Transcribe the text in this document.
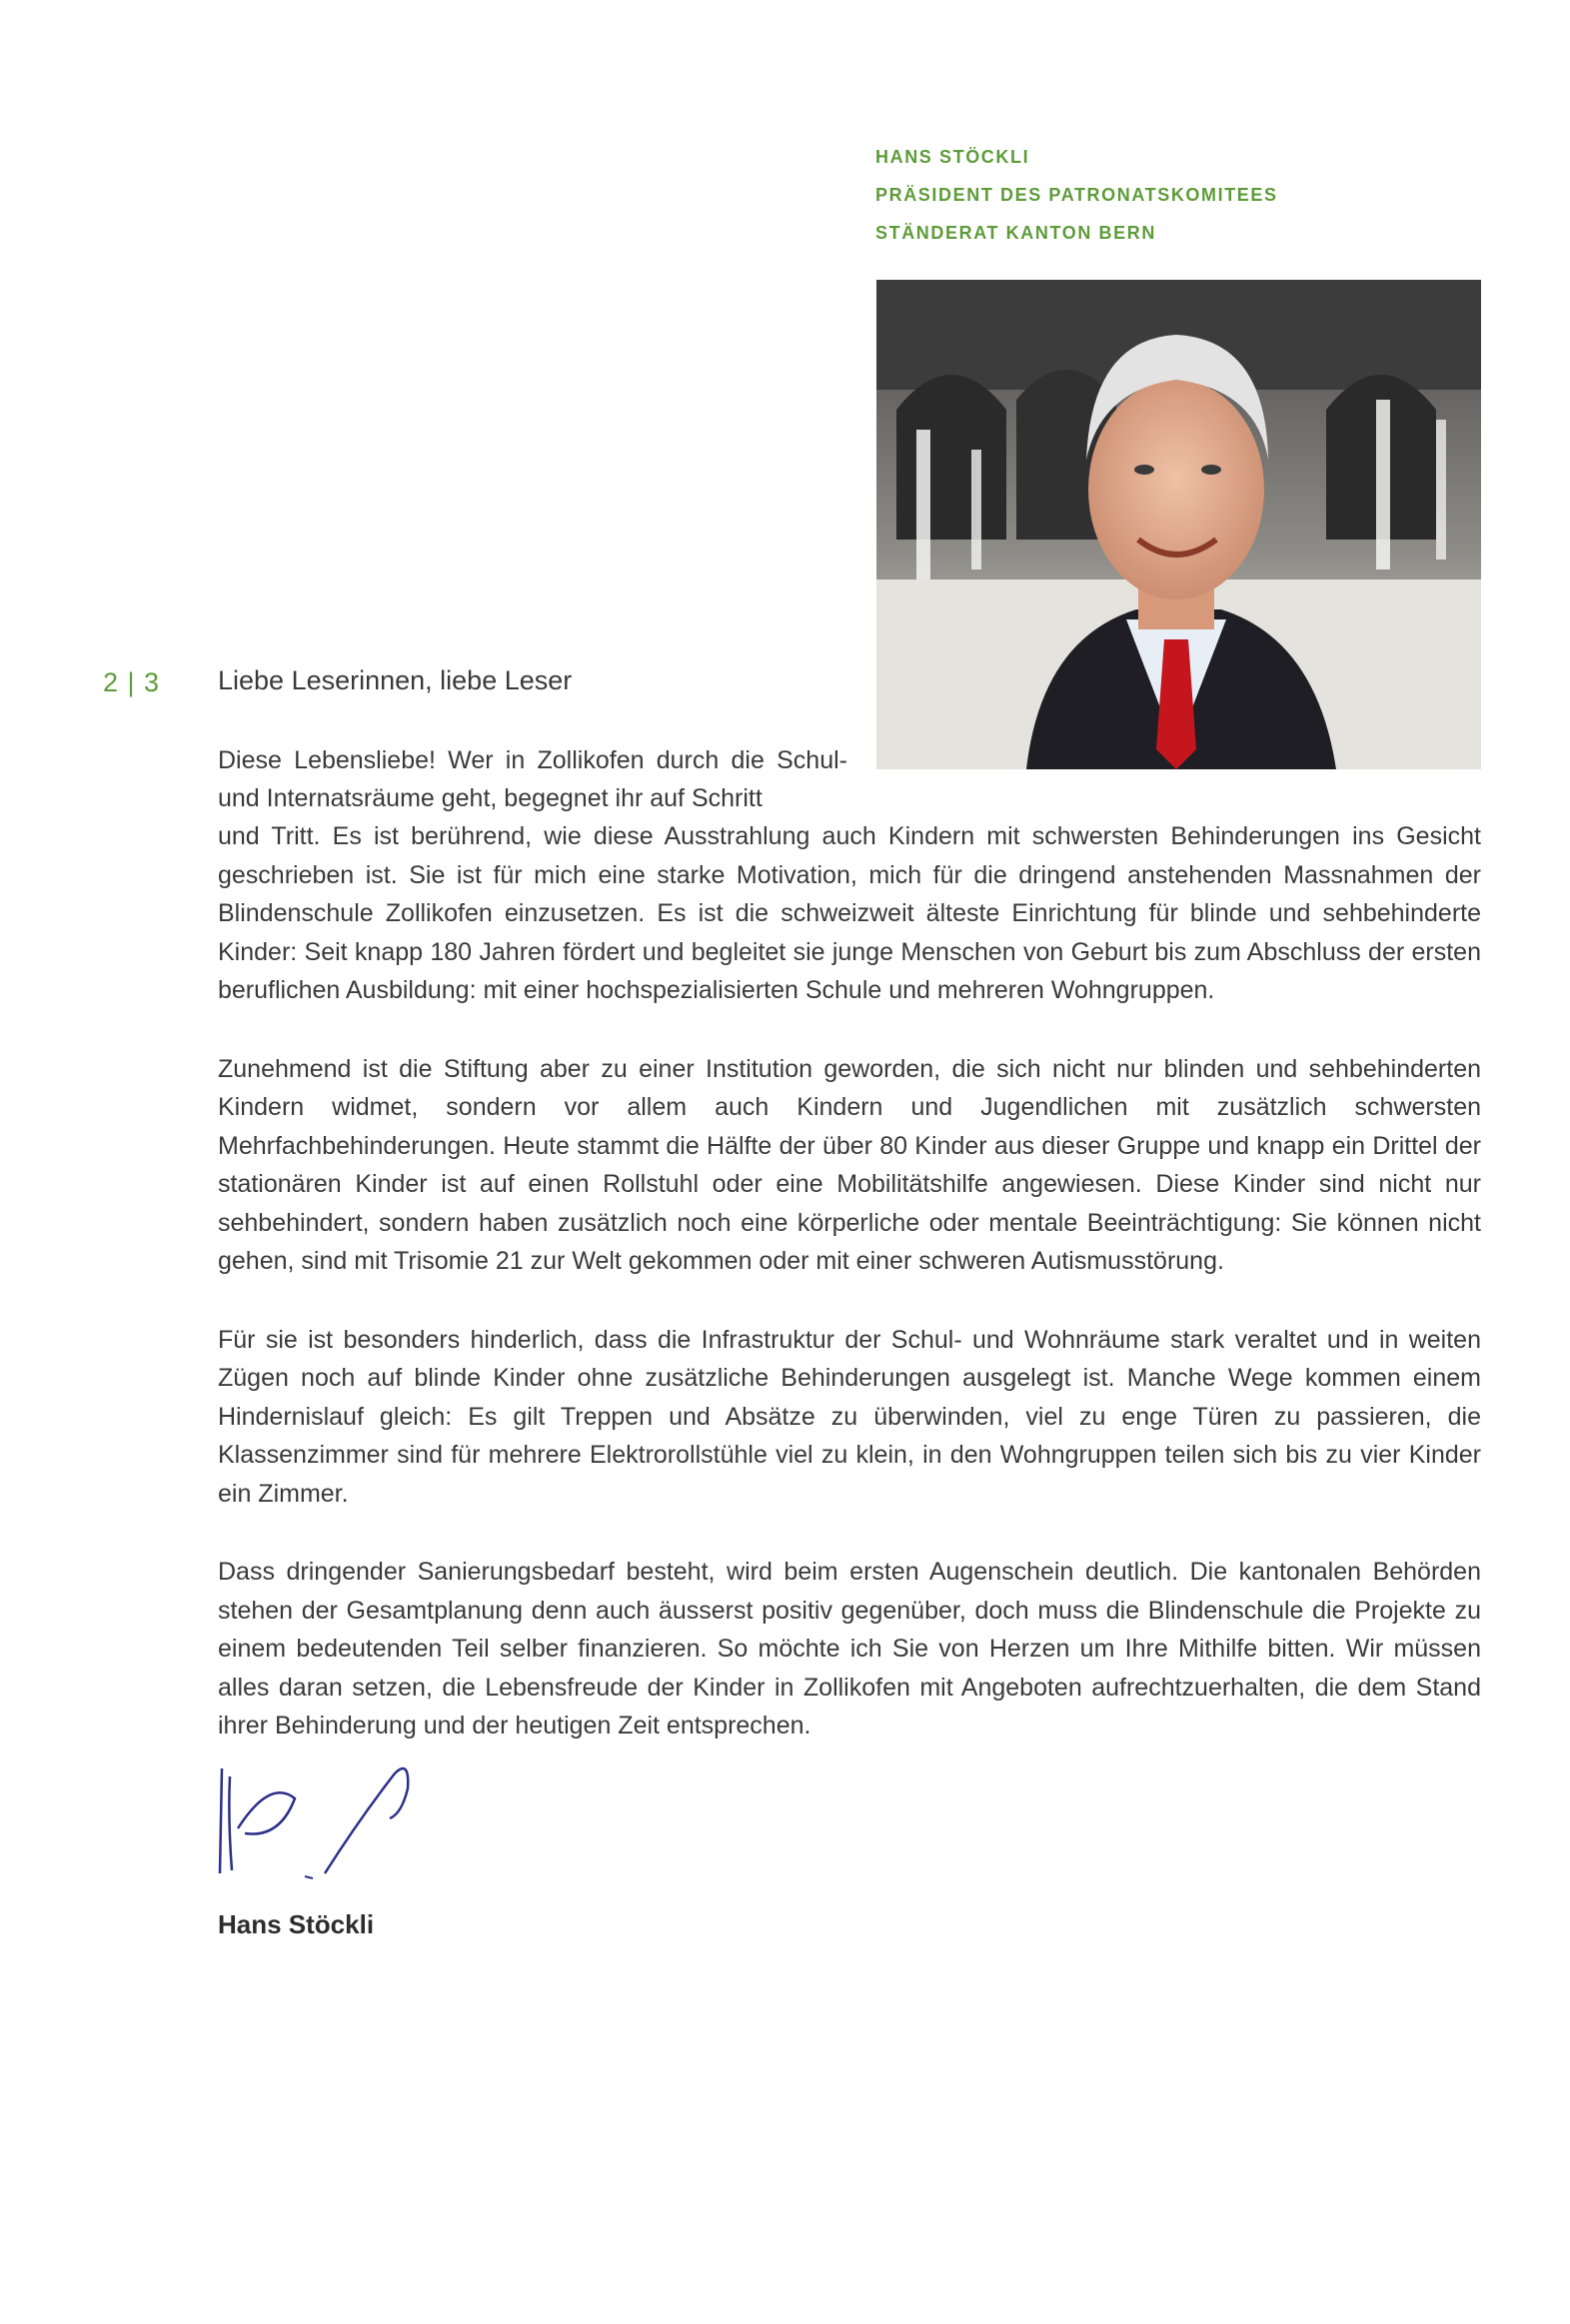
HANS STÖCKLI
PRÄSIDENT DES PATRONATSKOMITEES
STÄNDERAT KANTON BERN
2 | 3 Liebe Leserinnen, liebe Leser

Diese Lebensliebe! Wer in Zollikofen durch die Schul- und Internatsräume geht, begegnet ihr auf Schritt

und Tritt. Es ist berührend, wie diese Ausstrahlung auch Kindern mit schwersten Behinderungen ins Gesicht geschrieben ist. Sie ist für mich eine starke Motivation, mich für die dringend anstehenden Massnahmen der Blindenschule Zollikofen einzusetzen. Es ist die schweizweit älteste Einrichtung für blinde und sehbehinderte Kinder: Seit knapp 180 Jahren fördert und begleitet sie junge Menschen von Geburt bis zum Abschluss der ersten beruflichen Ausbildung: mit einer hochspezialisierten Schule und mehreren Wohngruppen.

Zunehmend ist die Stiftung aber zu einer Institution geworden, die sich nicht nur blinden und sehbehinderten Kindern widmet, sondern vor allem auch Kindern und Jugendlichen mit zusätzlich schwersten Mehrfachbehinderungen. Heute stammt die Hälfte der über 80 Kinder aus dieser Gruppe und knapp ein Drittel der stationären Kinder ist auf einen Rollstuhl oder eine Mobilitätshilfe angewiesen. Diese Kinder sind nicht nur sehbehindert, sondern haben zusätzlich noch eine körperliche oder mentale Beeinträchtigung: Sie können nicht gehen, sind mit Trisomie 21 zur Welt gekommen oder mit einer schweren Autismusstörung.

Für sie ist besonders hinderlich, dass die Infrastruktur der Schul- und Wohnräume stark veraltet und in weiten Zügen noch auf blinde Kinder ohne zusätzliche Behinderungen ausgelegt ist. Manche Wege kommen einem Hindernislauf gleich: Es gilt Treppen und Absätze zu überwinden, viel zu enge Türen zu passieren, die Klassenzimmer sind für mehrere Elektrorollstühle viel zu klein, in den Wohngruppen teilen sich bis zu vier Kinder ein Zimmer.

Dass dringender Sanierungsbedarf besteht, wird beim ersten Augenschein deutlich. Die kantonalen Behörden stehen der Gesamtplanung denn auch äusserst positiv gegenüber, doch muss die Blindenschule die Projekte zu einem bedeutenden Teil selber finanzieren. So möchte ich Sie von Herzen um Ihre Mithilfe bitten. Wir müssen alles daran setzen, die Lebensfreude der Kinder in Zollikofen mit Angeboten aufrechtzuerhalten, die dem Stand ihrer Behinderung und der heutigen Zeit entsprechen.

Hans Stöckli
